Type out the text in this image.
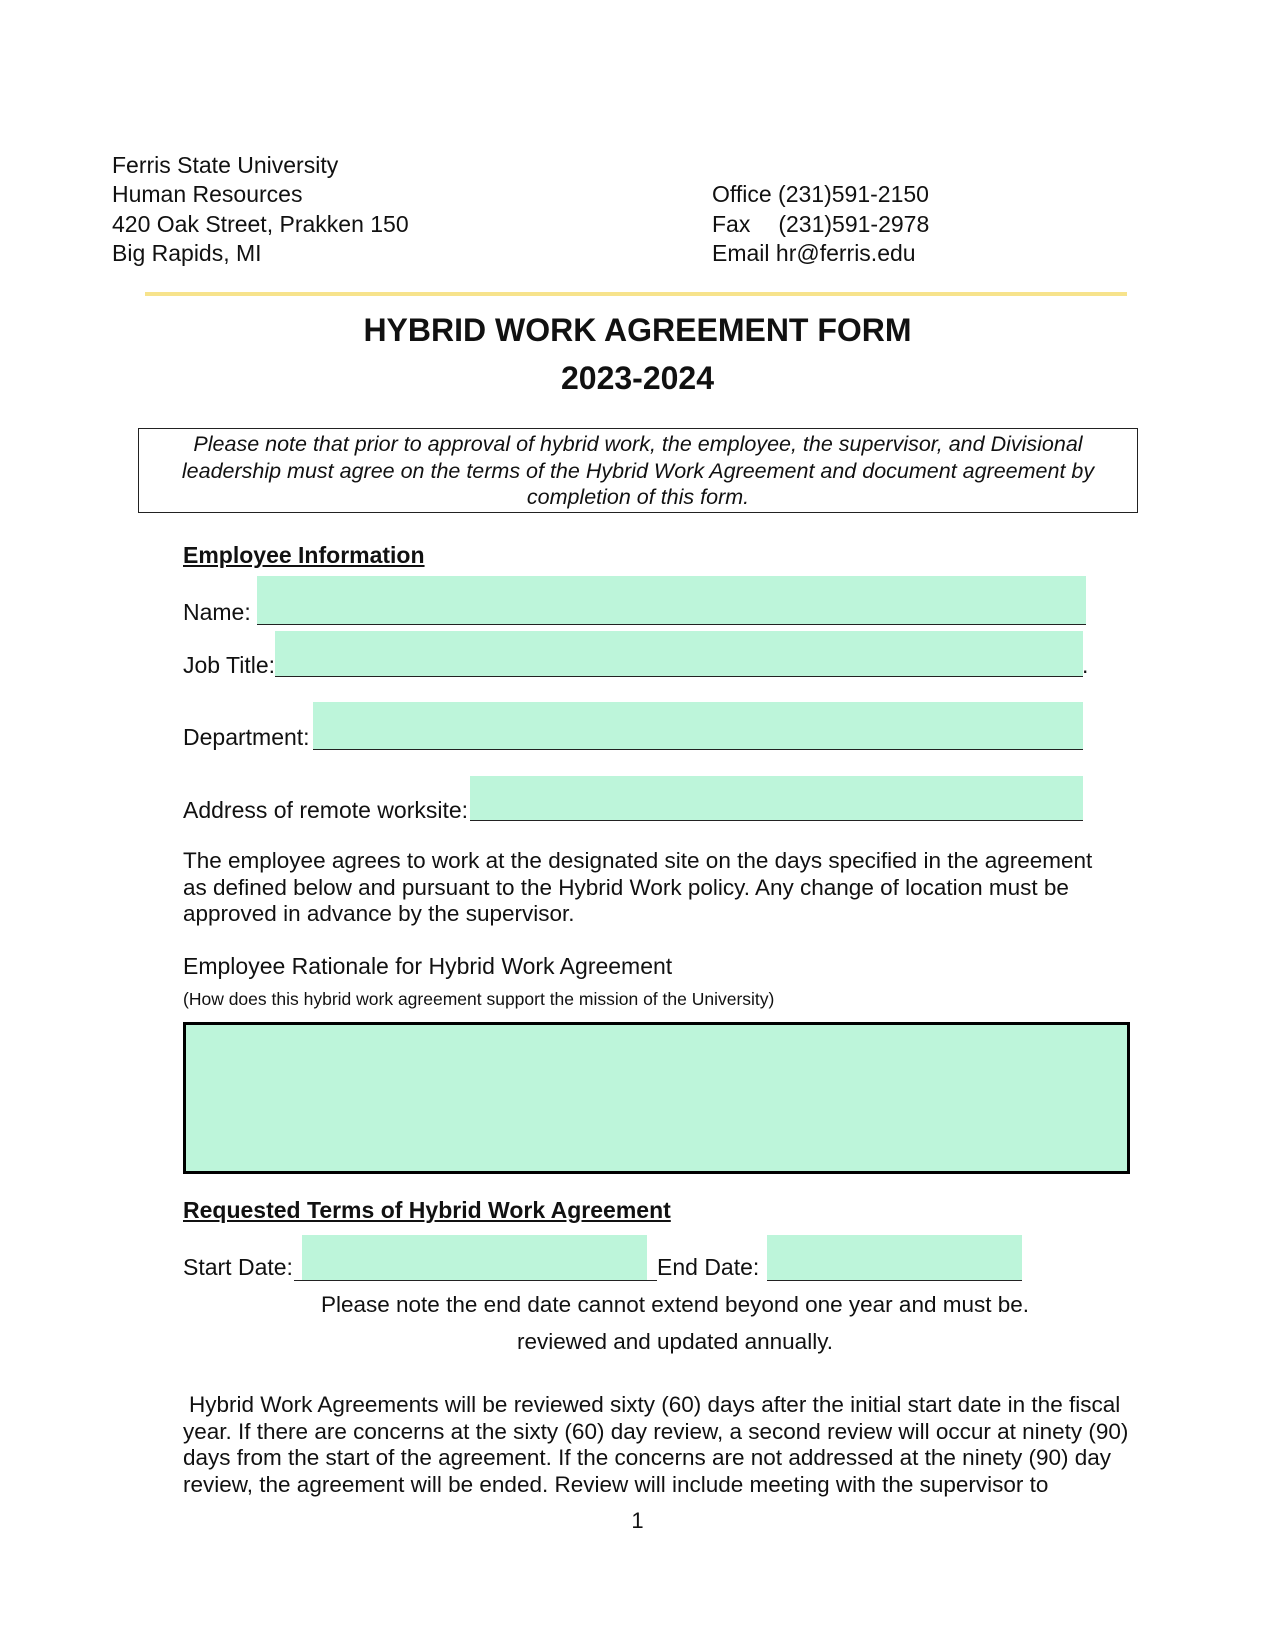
Ferris State University
Human Resources
420 Oak Street, Prakken 150
Big Rapids, MI
Office (231)591-2150
Fax (231)591-2978
Email hr@ferris.edu
HYBRID WORK AGREEMENT FORM
2023-2024
Please note that prior to approval of hybrid work, the employee, the supervisor, and Divisional leadership must agree on the terms of the Hybrid Work Agreement and document agreement by completion of this form.
Employee Information
Name:
Job Title:	.
Department:
Address of remote worksite:
The employee agrees to work at the designated site on the days specified in the agreement as defined below and pursuant to the Hybrid Work policy. Any change of location must be approved in advance by the supervisor.
Employee Rationale for Hybrid Work Agreement
(How does this hybrid work agreement support the mission of the University)
Requested Terms of Hybrid Work Agreement
Start Date:	End Date:
Please note the end date cannot extend beyond one year and must be.
reviewed and updated annually.
Hybrid Work Agreements will be reviewed sixty (60) days after the initial start date in the fiscal year. If there are concerns at the sixty (60) day review, a second review will occur at ninety (90) days from the start of the agreement. If the concerns are not addressed at the ninety (90) day review, the agreement will be ended. Review will include meeting with the supervisor to
1
